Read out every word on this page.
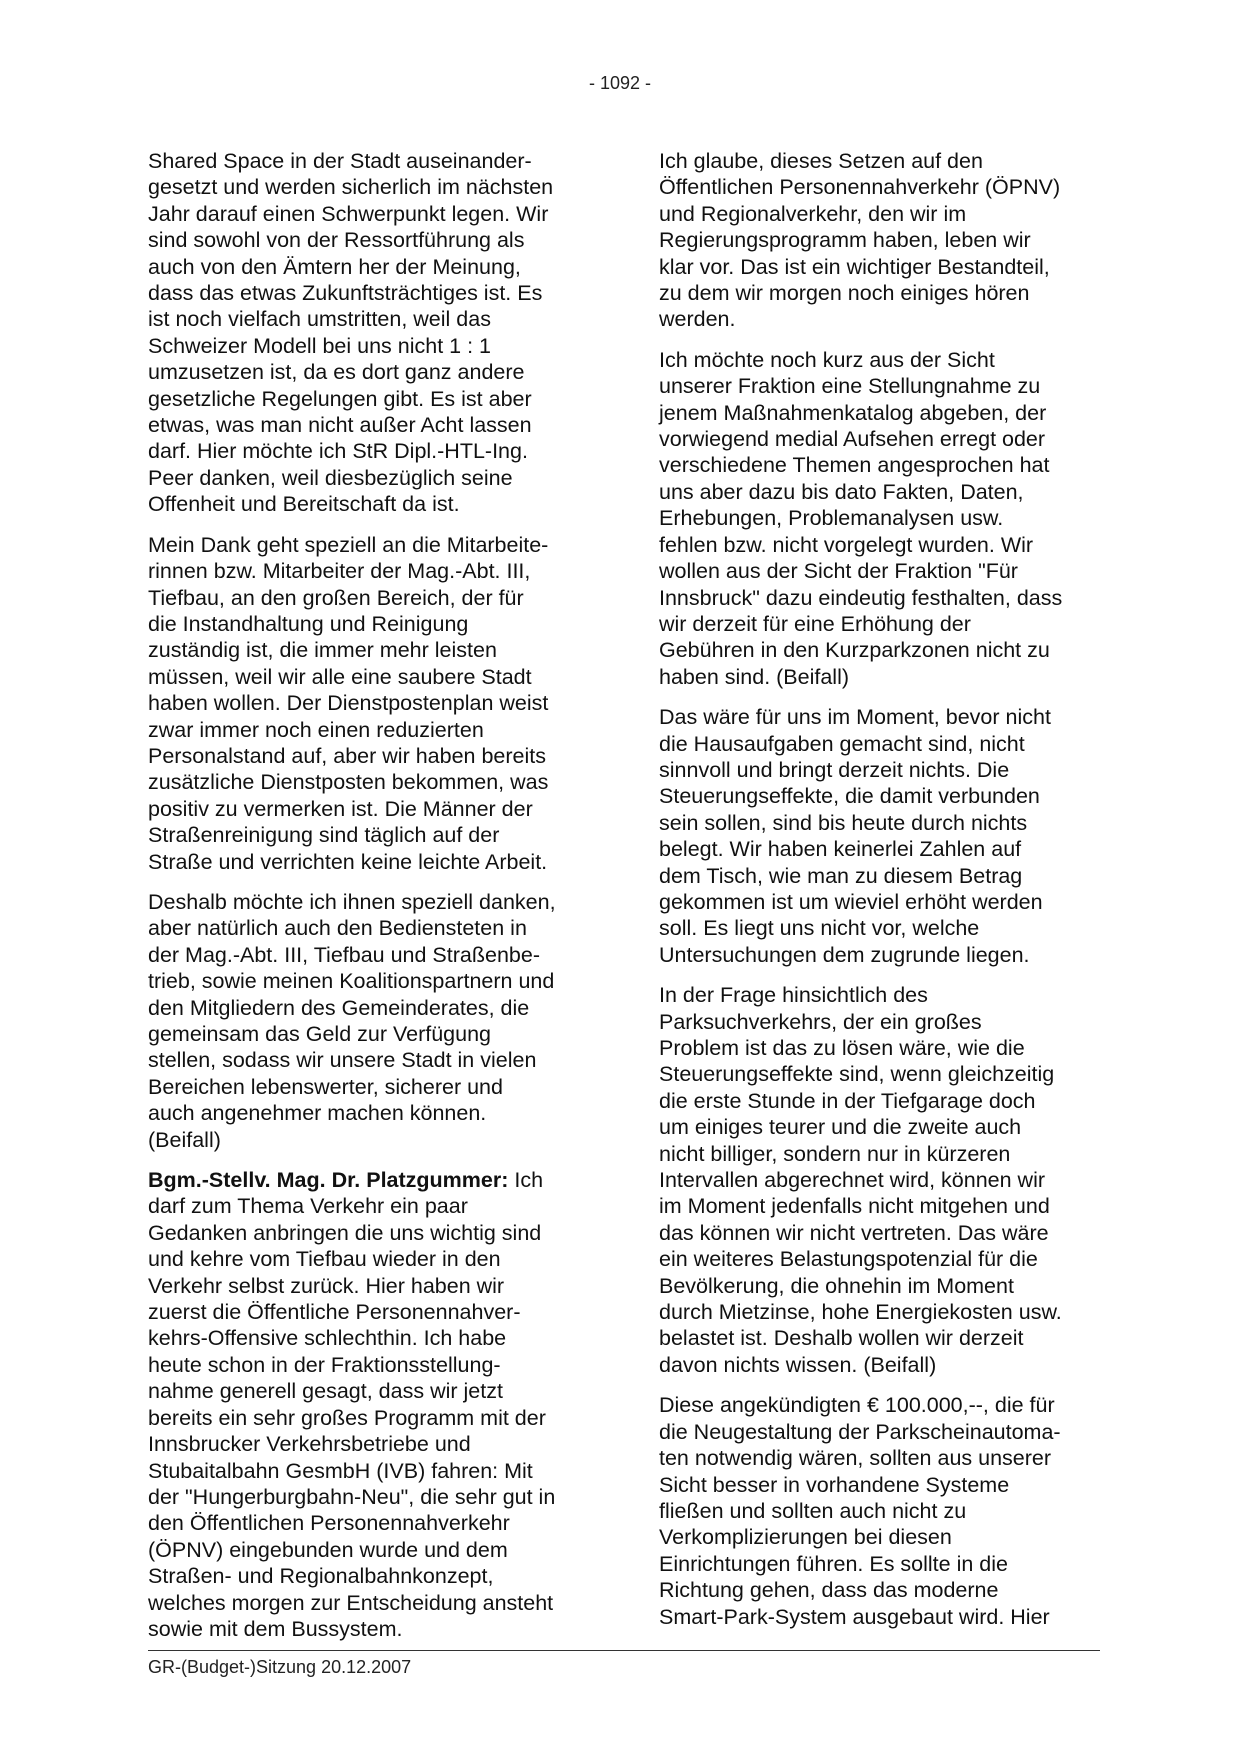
- 1092 -
Shared Space in der Stadt auseinander-
gesetzt und werden sicherlich im nächsten
Jahr darauf einen Schwerpunkt legen. Wir
sind sowohl von der Ressortführung als
auch von den Ämtern her der Meinung,
dass das etwas Zukunftsträchtiges ist. Es
ist noch vielfach umstritten, weil das
Schweizer Modell bei uns nicht 1 : 1
umzusetzen ist, da es dort ganz andere
gesetzliche Regelungen gibt. Es ist aber
etwas, was man nicht außer Acht lassen
darf. Hier möchte ich StR Dipl.-HTL-Ing.
Peer danken, weil diesbezüglich seine
Offenheit und Bereitschaft da ist.
Mein Dank geht speziell an die Mitarbeite-
rinnen bzw. Mitarbeiter der Mag.-Abt. III,
Tiefbau, an den großen Bereich, der für
die Instandhaltung und Reinigung
zuständig ist, die immer mehr leisten
müssen, weil wir alle eine saubere Stadt
haben wollen. Der Dienstpostenplan weist
zwar immer noch einen reduzierten
Personalstand auf, aber wir haben bereits
zusätzliche Dienstposten bekommen, was
positiv zu vermerken ist. Die Männer der
Straßenreinigung sind täglich auf der
Straße und verrichten keine leichte Arbeit.
Deshalb möchte ich ihnen speziell danken,
aber natürlich auch den Bediensteten in
der Mag.-Abt. III, Tiefbau und Straßenbe-
trieb, sowie meinen Koalitionspartnern und
den Mitgliedern des Gemeinderates, die
gemeinsam das Geld zur Verfügung
stellen, sodass wir unsere Stadt in vielen
Bereichen lebenswerter, sicherer und
auch angenehmer machen können.
(Beifall)
Bgm.-Stellv. Mag. Dr. Platzgummer: Ich
darf zum Thema Verkehr ein paar
Gedanken anbringen die uns wichtig sind
und kehre vom Tiefbau wieder in den
Verkehr selbst zurück. Hier haben wir
zuerst die Öffentliche Personennahver-
kehrs-Offensive schlechthin. Ich habe
heute schon in der Fraktionsstellung-
nahme generell gesagt, dass wir jetzt
bereits ein sehr großes Programm mit der
Innsbrucker Verkehrsbetriebe und
Stubaitalbahn GesmbH (IVB) fahren: Mit
der "Hungerburgbahn-Neu", die sehr gut in
den Öffentlichen Personennahverkehr
(ÖPNV) eingebunden wurde und dem
Straßen- und Regionalbahnkonzept,
welches morgen zur Entscheidung ansteht
sowie mit dem Bussystem.
Ich glaube, dieses Setzen auf den
Öffentlichen Personennahverkehr (ÖPNV)
und Regionalverkehr, den wir im
Regierungsprogramm haben, leben wir
klar vor. Das ist ein wichtiger Bestandteil,
zu dem wir morgen noch einiges hören
werden.
Ich möchte noch kurz aus der Sicht
unserer Fraktion eine Stellungnahme zu
jenem Maßnahmenkatalog abgeben, der
vorwiegend medial Aufsehen erregt oder
verschiedene Themen angesprochen hat
uns aber dazu bis dato Fakten, Daten,
Erhebungen, Problemanalysen usw.
fehlen bzw. nicht vorgelegt wurden. Wir
wollen aus der Sicht der Fraktion "Für
Innsbruck" dazu eindeutig festhalten, dass
wir derzeit für eine Erhöhung der
Gebühren in den Kurzparkzonen nicht zu
haben sind. (Beifall)
Das wäre für uns im Moment, bevor nicht
die Hausaufgaben gemacht sind, nicht
sinnvoll und bringt derzeit nichts. Die
Steuerungseffekte, die damit verbunden
sein sollen, sind bis heute durch nichts
belegt. Wir haben keinerlei Zahlen auf
dem Tisch, wie man zu diesem Betrag
gekommen ist um wieviel erhöht werden
soll. Es liegt uns nicht vor, welche
Untersuchungen dem zugrunde liegen.
In der Frage hinsichtlich des
Parksuchverkehrs, der ein großes
Problem ist das zu lösen wäre, wie die
Steuerungseffekte sind, wenn gleichzeitig
die erste Stunde in der Tiefgarage doch
um einiges teurer und die zweite auch
nicht billiger, sondern nur in kürzeren
Intervallen abgerechnet wird, können wir
im Moment jedenfalls nicht mitgehen und
das können wir nicht vertreten. Das wäre
ein weiteres Belastungspotenzial für die
Bevölkerung, die ohnehin im Moment
durch Mietzinse, hohe Energiekosten usw.
belastet ist. Deshalb wollen wir derzeit
davon nichts wissen. (Beifall)
Diese angekündigten € 100.000,--, die für
die Neugestaltung der Parkscheinautoma-
ten notwendig wären, sollten aus unserer
Sicht besser in vorhandene Systeme
fließen und sollten auch nicht zu
Verkomplizierungen bei diesen
Einrichtungen führen. Es sollte in die
Richtung gehen, dass das moderne
Smart-Park-System ausgebaut wird. Hier
GR-(Budget-)Sitzung 20.12.2007
